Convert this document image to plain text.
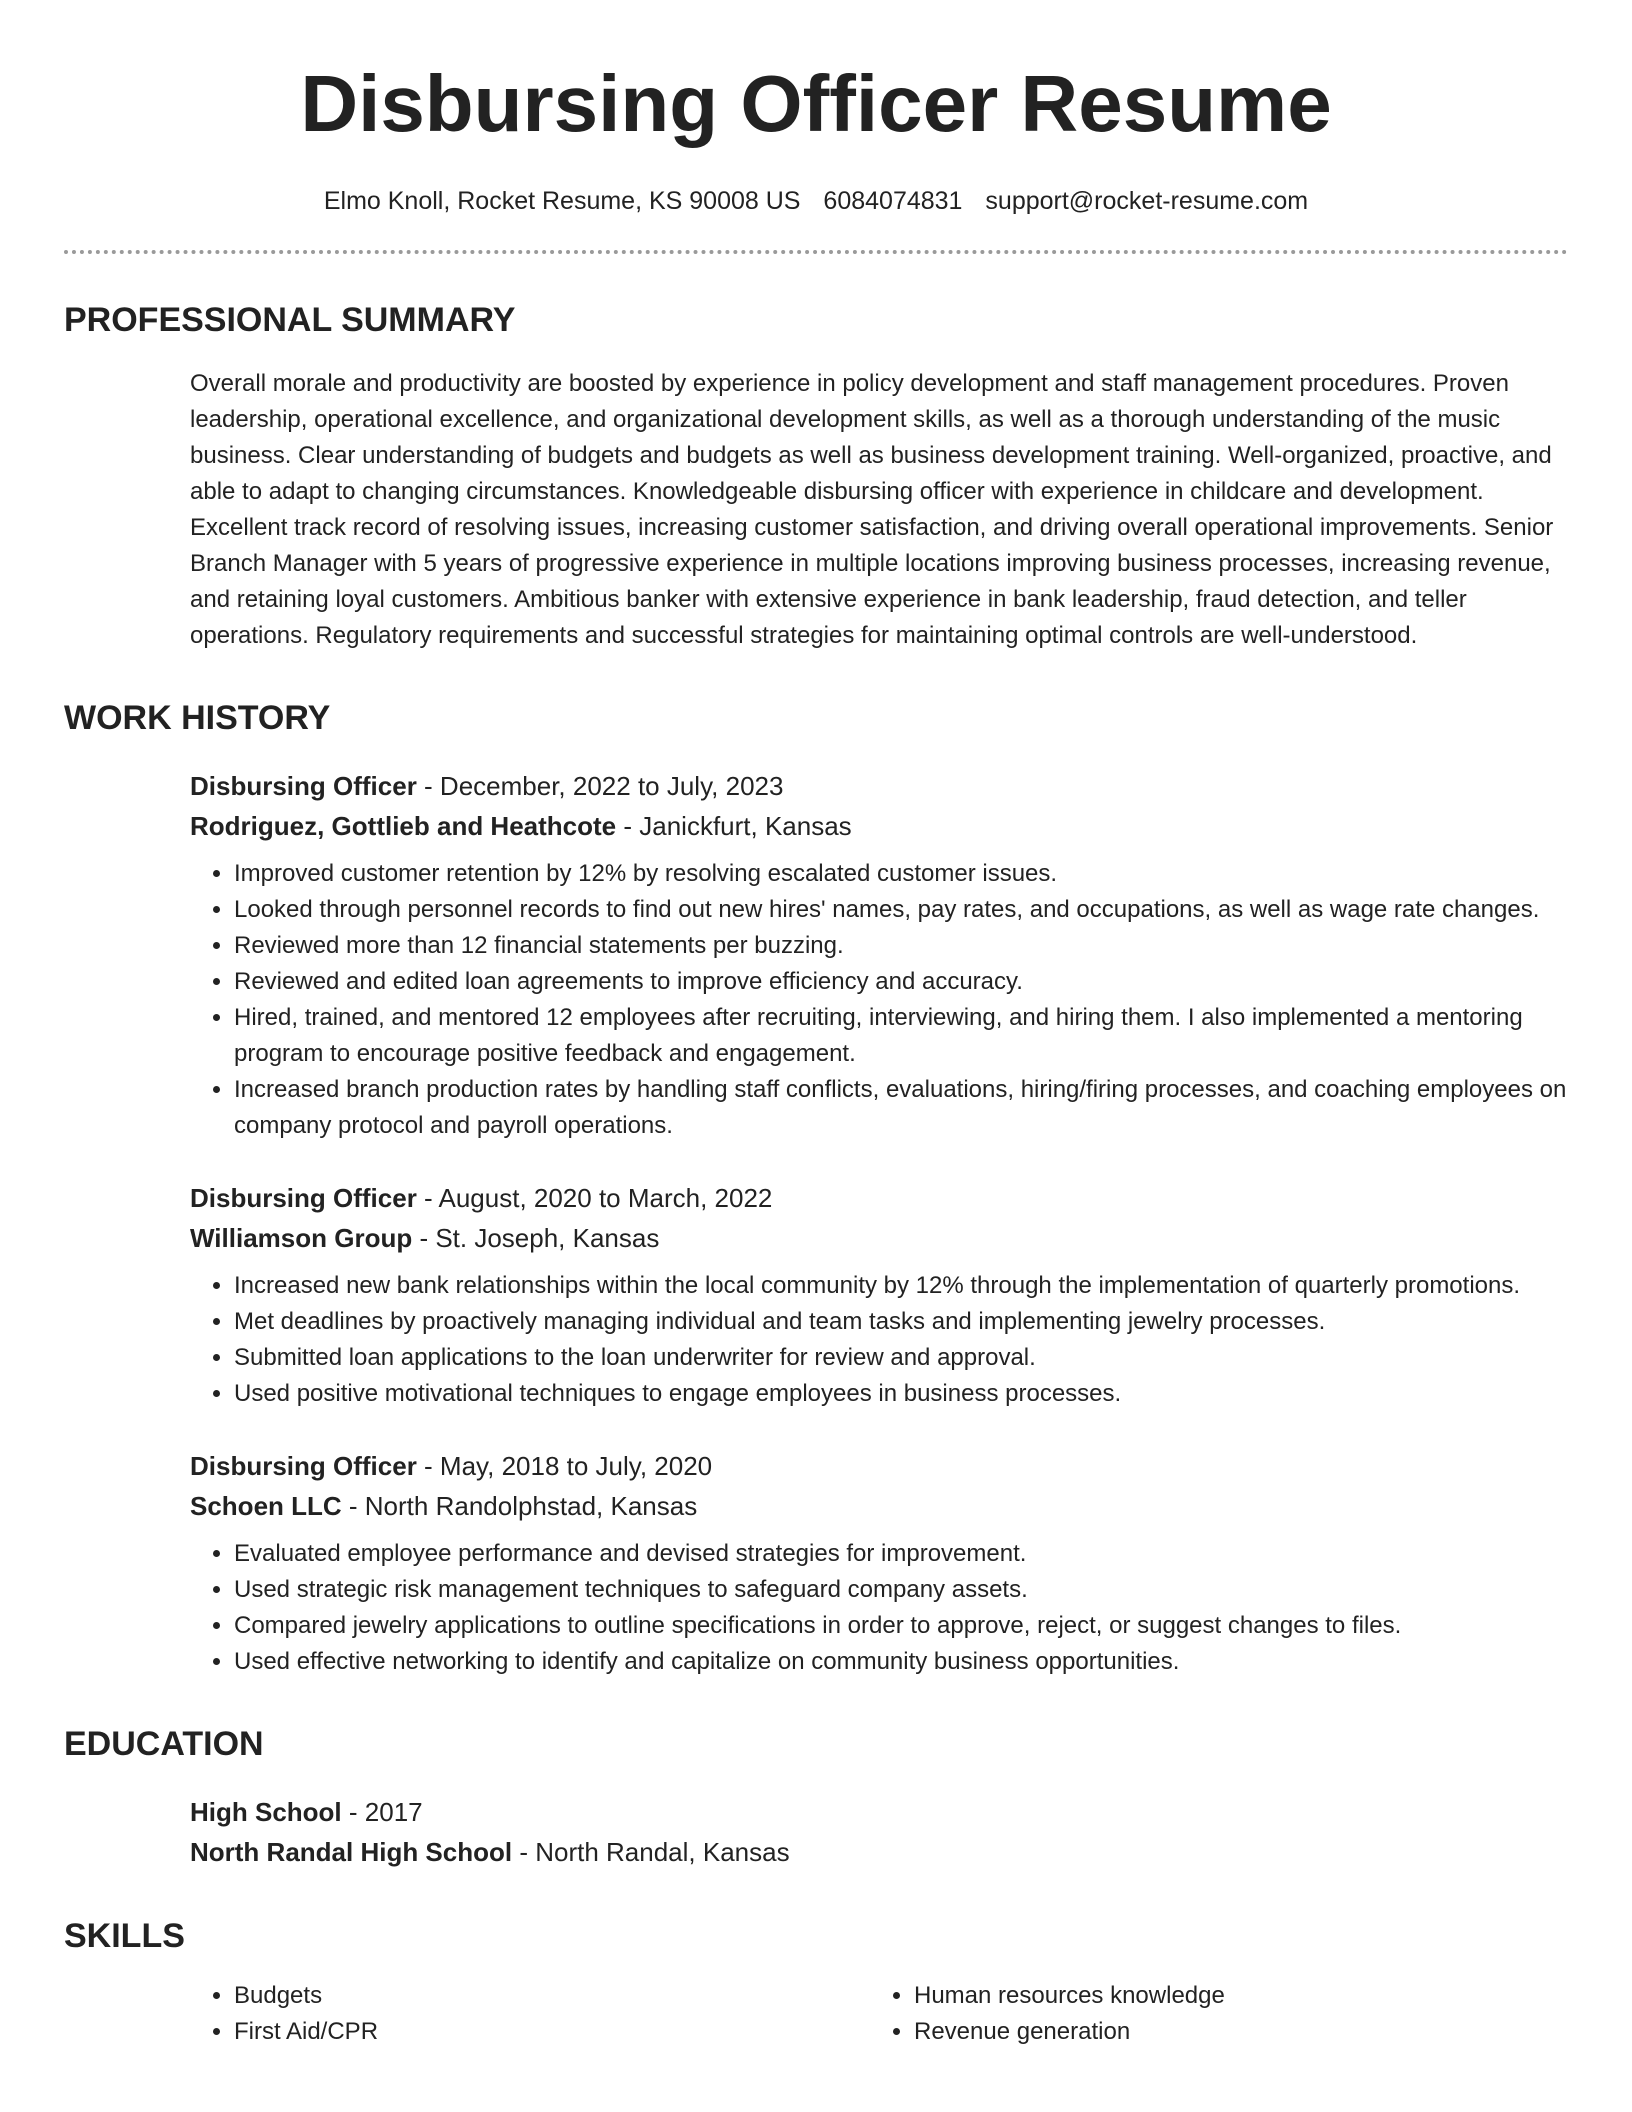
Disbursing Officer Resume
Elmo Knoll, Rocket Resume, KS 90008 US 6084074831 support@rocket-resume.com
PROFESSIONAL SUMMARY

Overall morale and productivity are boosted by experience in policy development and staff management procedures. Proven leadership, operational excellence, and organizational development skills, as well as a thorough understanding of the music business. Clear understanding of budgets and budgets as well as business development training. Well-organized, proactive, and able to adapt to changing circumstances. Knowledgeable disbursing officer with experience in childcare and development. Excellent track record of resolving issues, increasing customer satisfaction, and driving overall operational improvements. Senior Branch Manager with 5 years of progressive experience in multiple locations improving business processes, increasing revenue, and retaining loyal customers. Ambitious banker with extensive experience in bank leadership, fraud detection, and teller operations. Regulatory requirements and successful strategies for maintaining optimal controls are well-understood.

WORK HISTORY
Disbursing Officer - December, 2022 to July, 2023
Rodriguez, Gottlieb and Heathcote - Janickfurt, Kansas
• Improved customer retention by 12% by resolving escalated customer issues.
• Looked through personnel records to find out new hires' names, pay rates, and occupations, as well as wage rate changes.
• Reviewed more than 12 financial statements per buzzing.
• Reviewed and edited loan agreements to improve efficiency and accuracy.
• Hired, trained, and mentored 12 employees after recruiting, interviewing, and hiring them. I also implemented a mentoring program to encourage positive feedback and engagement.
• Increased branch production rates by handling staff conflicts, evaluations, hiring/firing processes, and coaching employees on company protocol and payroll operations.
Disbursing Officer - August, 2020 to March, 2022
Williamson Group - St. Joseph, Kansas
• Increased new bank relationships within the local community by 12% through the implementation of quarterly promotions.
• Met deadlines by proactively managing individual and team tasks and implementing jewelry processes.
• Submitted loan applications to the loan underwriter for review and approval.
• Used positive motivational techniques to engage employees in business processes.
Disbursing Officer - May, 2018 to July, 2020
Schoen LLC - North Randolphstad, Kansas
• Evaluated employee performance and devised strategies for improvement.
• Used strategic risk management techniques to safeguard company assets.
• Compared jewelry applications to outline specifications in order to approve, reject, or suggest changes to files.
• Used effective networking to identify and capitalize on community business opportunities.
EDUCATION
High School - 2017
North Randal High School - North Randal, Kansas
SKILLS
• Budgets
• First Aid/CPR
• Human resources knowledge
• Revenue generation
